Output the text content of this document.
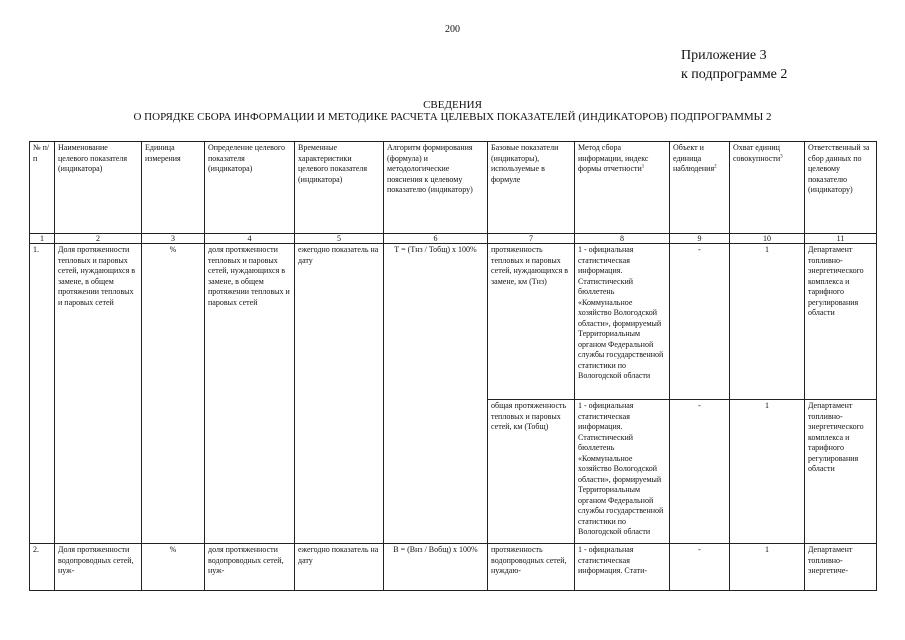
200
Приложение 3
к подпрограмме 2
СВЕДЕНИЯ
О ПОРЯДКЕ СБОРА ИНФОРМАЦИИ И МЕТОДИКЕ РАСЧЕТА ЦЕЛЕВЫХ ПОКАЗАТЕЛЕЙ (ИНДИКАТОРОВ) ПОДПРОГРАММЫ 2
№ п/п	Наименование целевого показателя (индикатора)	Единица измерения	Определение целевого показателя (индикатора)	Временные характеристики целевого показателя (индикатора)	Алгоритм формирования (формула) и методологические пояснения к целевому показателю (индикатору)	Базовые показатели (индикаторы), используемые в формуле	Метод сбора информации, индекс формы отчетности$^1$	Объект и единица наблюдения$^2$	Охват единиц совокупности$^3$	Ответственный за сбор данных по целевому показателю (индикатору)
1	2	3	4	5	6	7	8	9	10	11
1.	Доля протяженности тепловых и паровых сетей, нуждающихся в замене, в общем протяжении тепловых и паровых сетей	%	доля протяженности тепловых и паровых сетей, нуждающихся в замене, в общем протяжении тепловых и паровых сетей	ежегодно показатель на дату	Т = (Тнз / Тобщ) х 100%	протяженность тепловых и паровых сетей, нуждающихся в замене, км (Тнз)	1 - официальная статистическая информация. Статистический бюллетень «Коммунальное хозяйство Вологодской области», формируемый Территориальным органом Федеральной службы государственной статистики по Вологодской области	-	1	Департамент топливно-энергетического комплекса и тарифного регулирования области
						общая протяженность тепловых и паровых сетей, км (Тобщ)	1 - официальная статистическая информация. Статистический бюллетень «Коммунальное хозяйство Вологодской области», формируемый Территориальным органом Федеральной службы государственной статистики по Вологодской области	-	1	Департамент топливно-энергетического комплекса и тарифного регулирования области
2.	Доля протяженности водопроводных сетей, нуж-	%	доля протяженности водопроводных сетей, нуж-	ежегодно показатель на дату	В = (Внз / Вобщ) х 100%	протяженность водопроводных сетей, нуждаю-	1 - официальная статистическая информация. Стати-	-	1	Департамент топливно-энергетиче-
